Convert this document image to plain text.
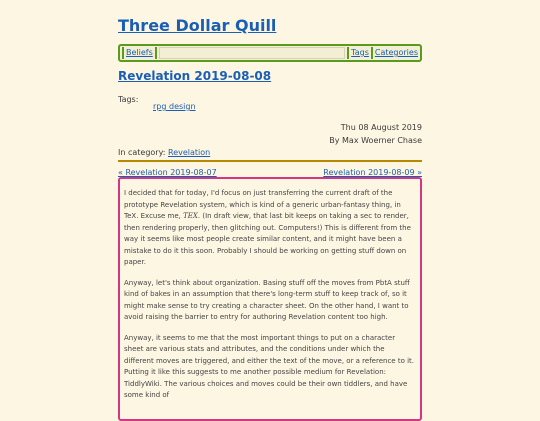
Three Dollar Quill
Beliefs	Tags Categories
Revelation 2019-08-08
Tags:
rpg design
Thu 08 August 2019
By Max Woerner Chase
In category: Revelation
« Revelation 2019-08-07	Revelation 2019-08-09 »

I decided that for today, I'd focus on just transferring the current draft of the prototype Revelation system, which is kind of a generic urban-fantasy thing, in TeX. Excuse me, TEX. (In draft view, that last bit keeps on taking a sec to render, then rendering properly, then glitching out. Computers!) This is different from the way it seems like most people create similar content, and it might have been a mistake to do it this soon. Probably I should be working on getting stuff down on paper.

Anyway, let's think about organization. Basing stuff off the moves from PbtA stuff kind of bakes in an assumption that there's long-term stuff to keep track of, so it might make sense to try creating a character sheet. On the other hand, I want to avoid raising the barrier to entry for authoring Revelation content too high.

Anyway, it seems to me that the most important things to put on a character sheet are various stats and attributes, and the conditions under which the different moves are triggered, and either the text of the move, or a reference to it. Putting it like this suggests to me another possible medium for Revelation: TiddlyWiki. The various choices and moves could be their own tiddlers, and have some kind of
